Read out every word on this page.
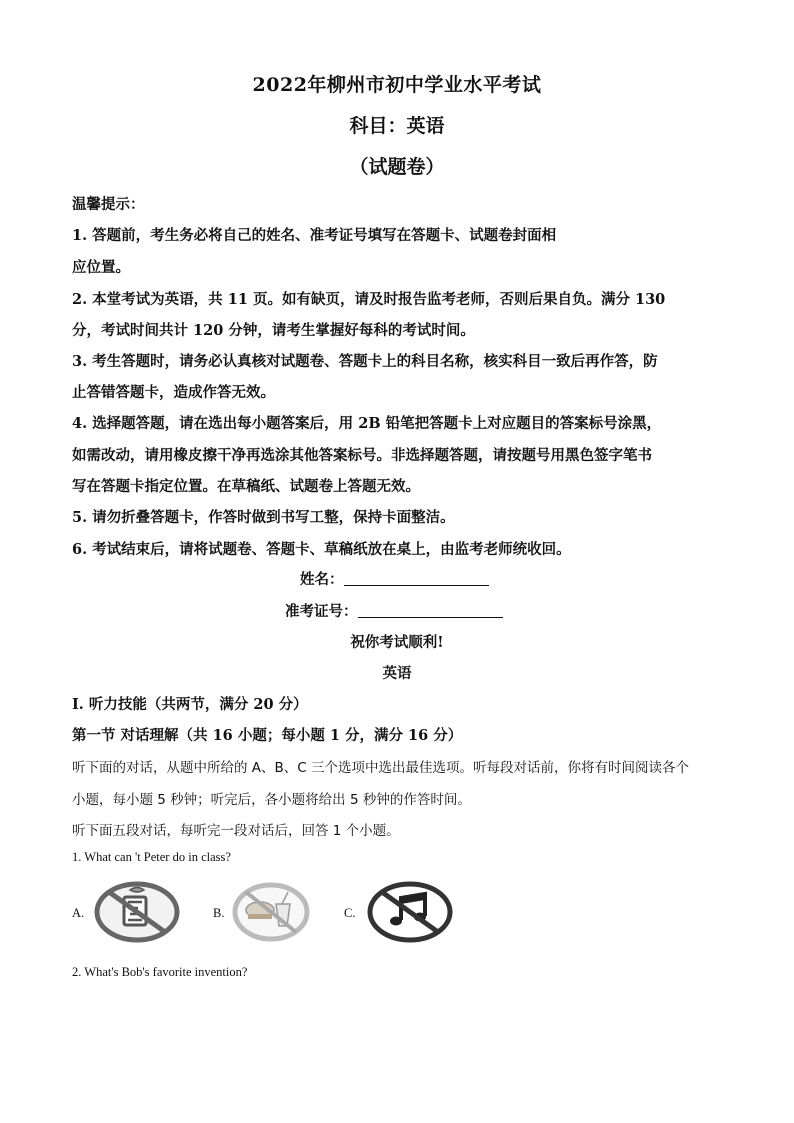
2022年柳州市初中学业水平考试
科目：英语
（试题卷）
温馨提示：
1. 答题前，考生务必将自己的姓名、准考证号填写在答题卡、试题卷封面相
应位置。
2. 本堂考试为英语，共 11 页。如有缺页，请及时报告监考老师，否则后果自负。满分 130
分，考试时间共计 120 分钟，请考生掌握好每科的考试时间。
3. 考生答题时，请务必认真核对试题卷、答题卡上的科目名称，核实科目一致后再作答，防
止答错答题卡，造成作答无效。
4. 选择题答题，请在选出每小题答案后，用 2B 铅笔把答题卡上对应题目的答案标号涂黑，
如需改动，请用橡皮擦干净再选涂其他答案标号。非选择题答题，请按题号用黑色签字笔书
写在答题卡指定位置。在草稿纸、试题卷上答题无效。
5. 请勿折叠答题卡，作答时做到书写工整，保持卡面整洁。
6. 考试结束后，请将试题卷、答题卡、草稿纸放在桌上，由监考老师统收回。
姓名：
准考证号：
祝你考试顺利!
英语
I. 听力技能（共两节，满分 20 分）
第一节 对话理解（共 16 小题；每小题 1 分，满分 16 分）
听下面的对话，从题中所给的 A、B、C 三个选项中选出最佳选项。听每段对话前，你将有时间阅读各个
小题，每小题 5 秒钟；听完后，各小题将给出 5 秒钟的作答时间。
听下面五段对话，每听完一段对话后，回答 1 个小题。
1. What can 't Peter do in class?
A.	B.	C.
2. What's Bob's favorite invention?
